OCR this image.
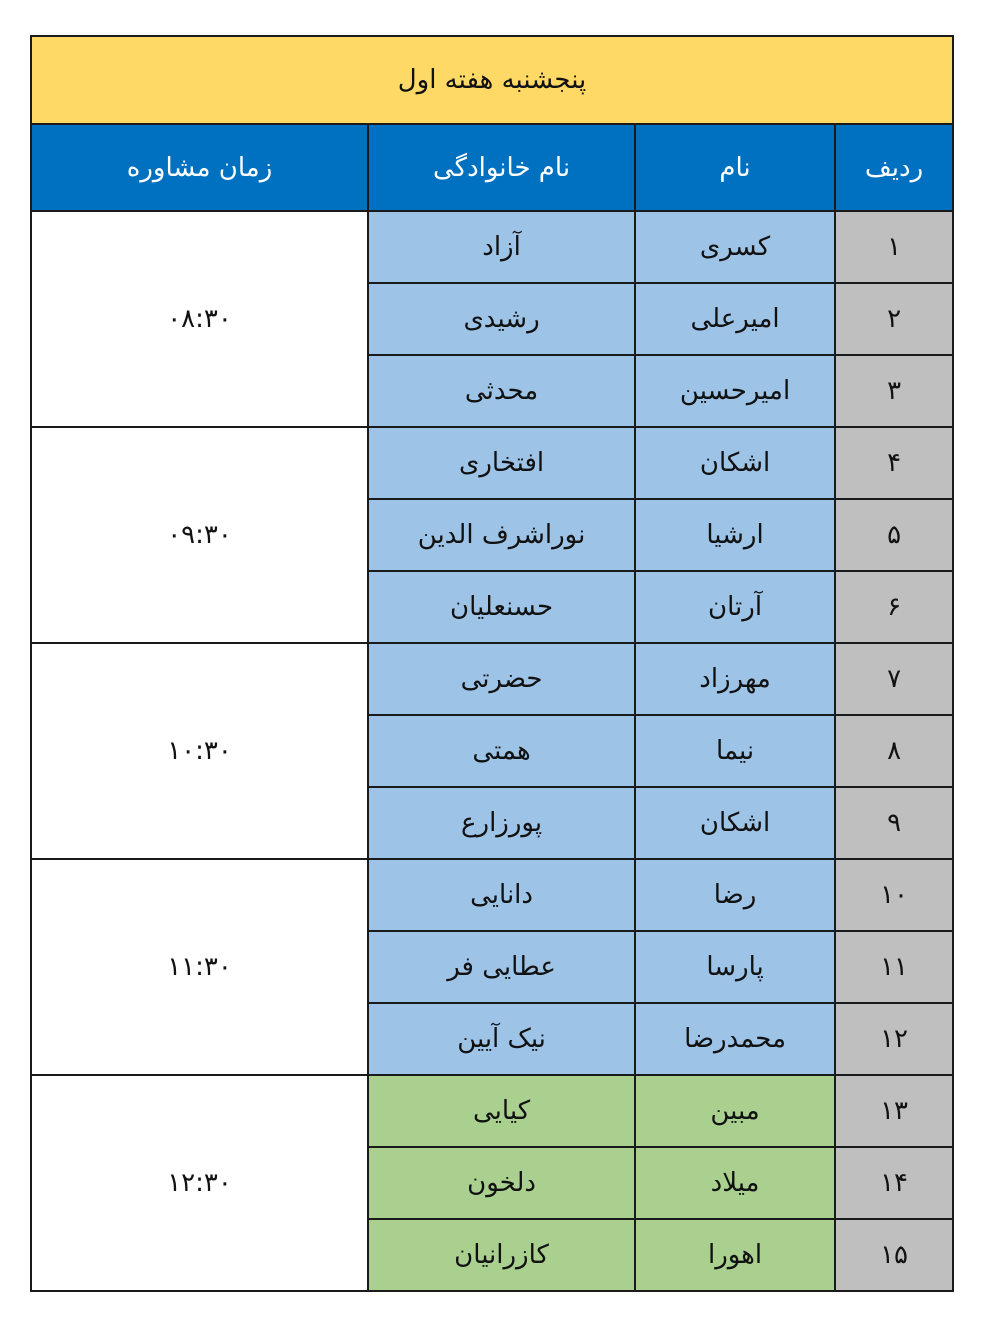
پنجشنبه هفته اول			
ردیف	نام	نام خانوادگی	زمان مشاوره
۱	کسری	آزاد	۰۸:۳۰
۲	امیرعلی	رشیدی	
۳	امیرحسین	محدثی	
۴	اشکان	افتخاری	۰۹:۳۰
۵	ارشیا	نوراشرف الدین	
۶	آرتان	حسنعلیان	
۷	مهرزاد	حضرتی	۱۰:۳۰
۸	نیما	همتی	
۹	اشکان	پورزارع	
۱۰	رضا	دانایی	۱۱:۳۰
۱۱	پارسا	عطایی فر	
۱۲	محمدرضا	نیک آیین	
۱۳	مبین	کیایی	۱۲:۳۰
۱۴	میلاد	دلخون	
۱۵	اهورا	کازرانیان	
